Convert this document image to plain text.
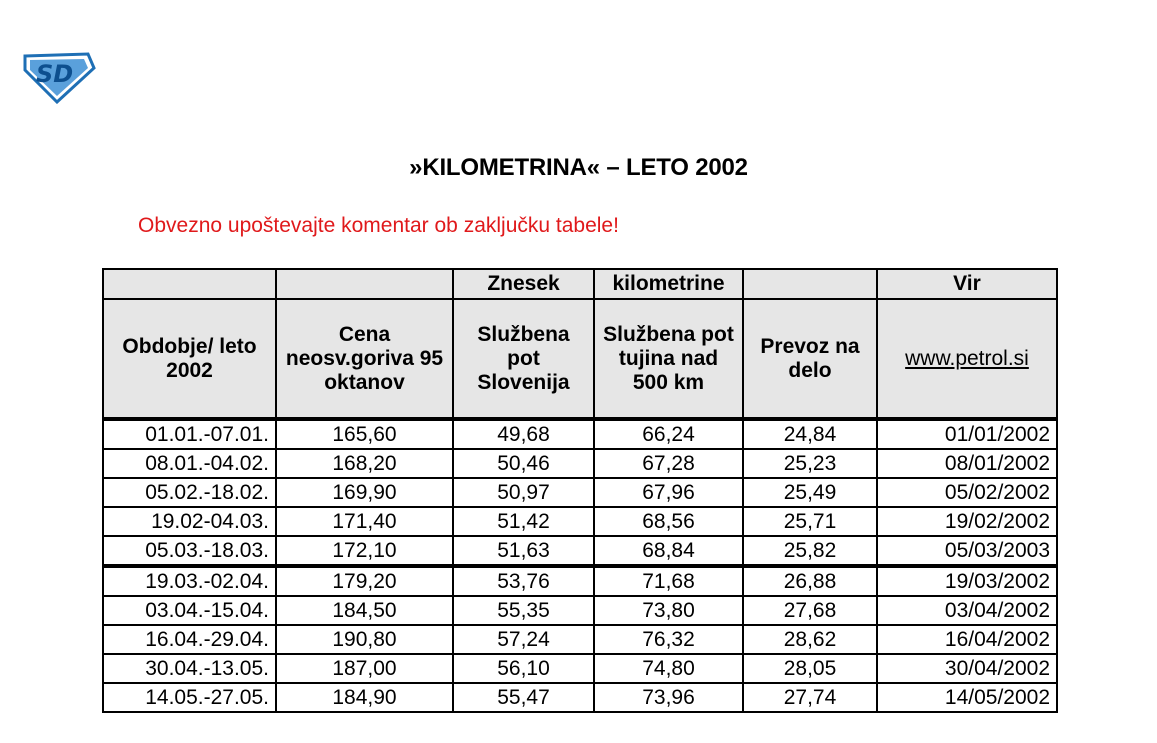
SD
»KILOMETRINA« – LETO 2002
Obvezno upoštevajte komentar ob zaključku tabele!
		Znesek	kilometrine		Vir
Obdobje/ leto 2002	Cena neosv.goriva 95 oktanov	Službena pot Slovenija	Službena pot tujina nad 500 km	Prevoz na delo	www.petrol.si
01.01.-07.01.	165,60	49,68	66,24	24,84	01/01/2002
08.01.-04.02.	168,20	50,46	67,28	25,23	08/01/2002
05.02.-18.02.	169,90	50,97	67,96	25,49	05/02/2002
19.02-04.03.	171,40	51,42	68,56	25,71	19/02/2002
05.03.-18.03.	172,10	51,63	68,84	25,82	05/03/2003
19.03.-02.04.	179,20	53,76	71,68	26,88	19/03/2002
03.04.-15.04.	184,50	55,35	73,80	27,68	03/04/2002
16.04.-29.04.	190,80	57,24	76,32	28,62	16/04/2002
30.04.-13.05.	187,00	56,10	74,80	28,05	30/04/2002
14.05.-27.05.	184,90	55,47	73,96	27,74	14/05/2002
